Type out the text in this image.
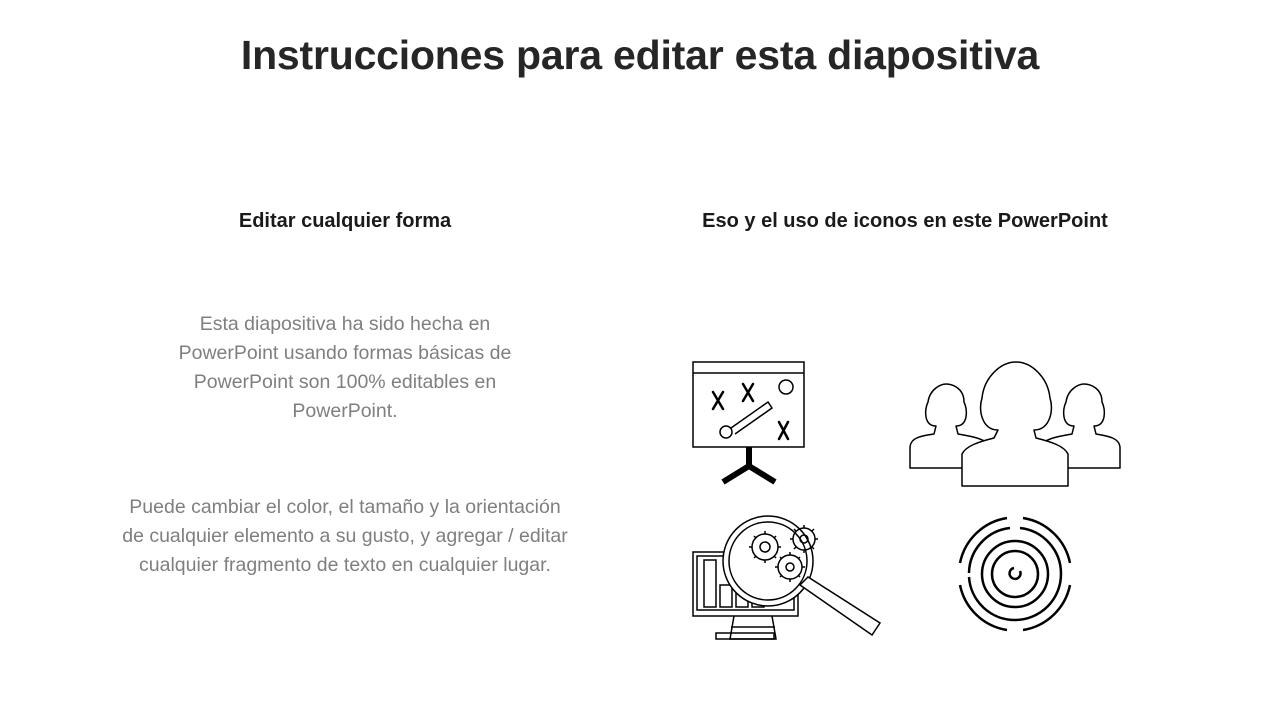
Instrucciones para editar esta diapositiva
Editar cualquier forma	Eso y el uso de iconos en este PowerPoint
Esta diapositiva ha sido hecha en PowerPoint usando formas básicas de PowerPoint son 100% editables en PowerPoint.
Puede cambiar el color, el tamaño y la orientación de cualquier elemento a su gusto, y agregar / editar cualquier fragmento de texto en cualquier lugar.
